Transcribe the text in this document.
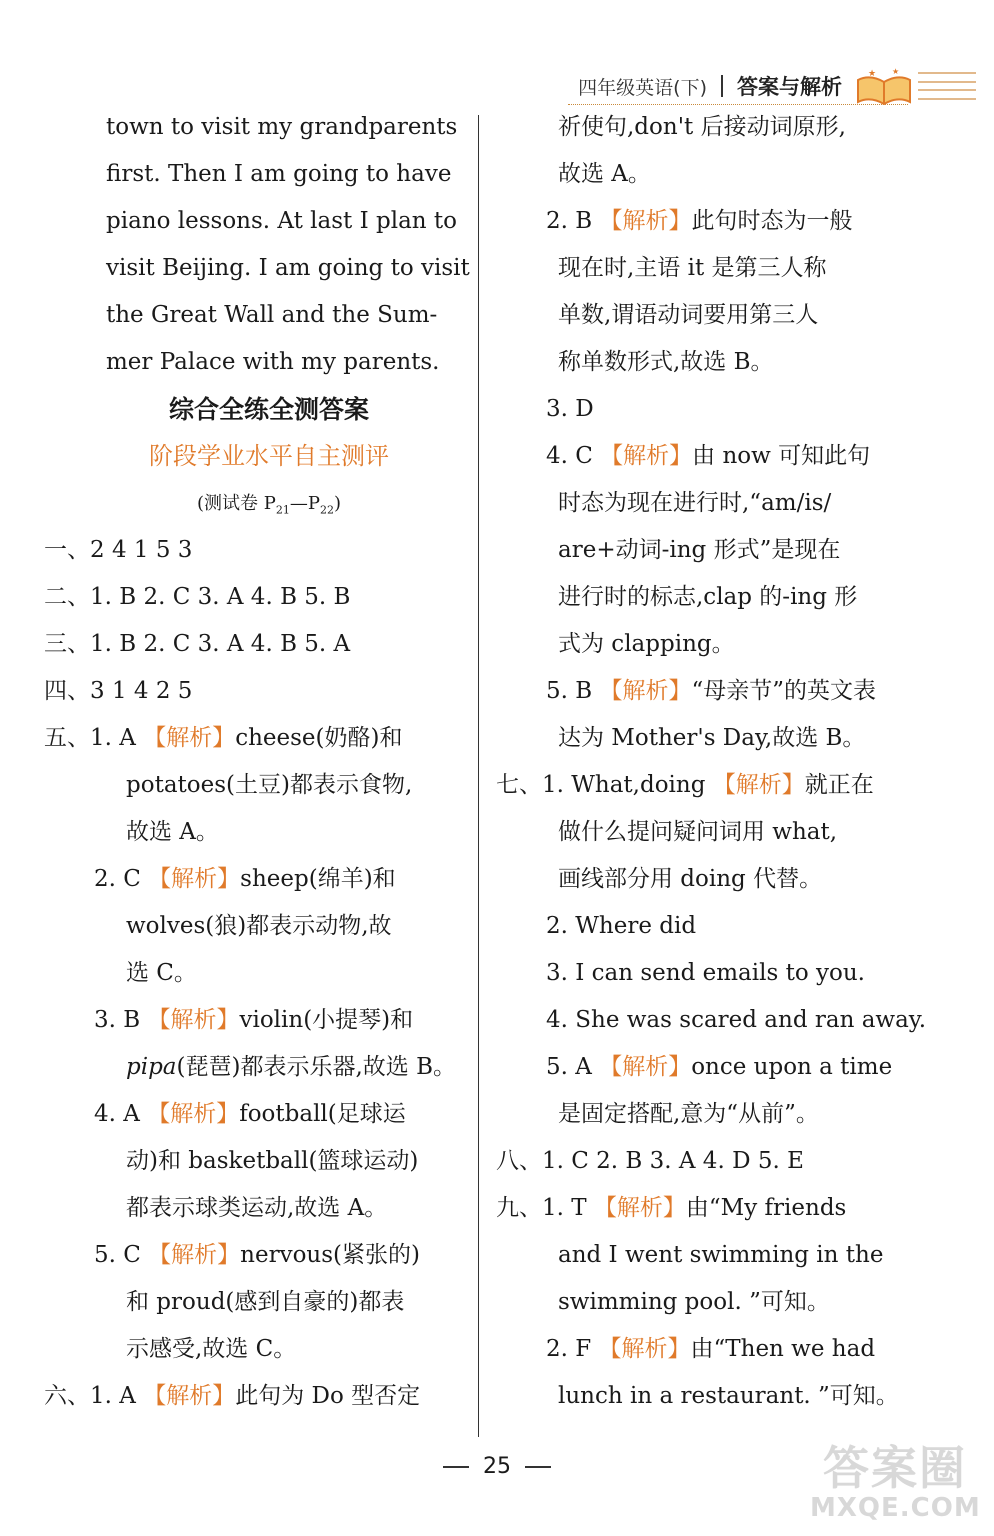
四年级英语(下) 答案与解析
★ ★
town to visit my grandparents
first. Then I am going to have
piano lessons. At last I plan to
visit Beijing. I am going to visit
the Great Wall and the Sum-
mer Palace with my parents.
综合全练全测答案
阶段学业水平自主测评
(测试卷 $P_{21}—P_{22}$)
一、2 4 1 5 3
二、1. B 2. C 3. A 4. B 5. B
三、1. B 2. C 3. A 4. B 5. A
四、3 1 4 2 5
五、1. A 【解析】cheese(奶酪)和
potatoes(土豆)都表示食物,
故选 A。
2. C 【解析】sheep(绵羊)和
wolves(狼)都表示动物,故
选 C。
3. B 【解析】violin(小提琴)和
pipa(琵琶)都表示乐器,故选 B。
4. A 【解析】football(足球运
动)和 basketball(篮球运动)
都表示球类运动,故选 A。
5. C 【解析】nervous(紧张的)
和 proud(感到自豪的)都表
示感受,故选 C。
六、1. A 【解析】此句为 Do 型否定
祈使句,don't 后接动词原形,
故选 A。
2. B 【解析】此句时态为一般
现在时,主语 it 是第三人称
单数,谓语动词要用第三人
称单数形式,故选 B。
3. D
4. C 【解析】由 now 可知此句
时态为现在进行时,“am/is/
are+动词-ing 形式”是现在
进行时的标志,clap 的-ing 形
式为 clapping。
5. B 【解析】“母亲节”的英文表
达为 Mother's Day,故选 B。
七、1. What,doing 【解析】就正在
做什么提问疑问词用 what,
画线部分用 doing 代替。
2. Where did
3. I can send emails to you.
4. She was scared and ran away.
5. A 【解析】once upon a time
是固定搭配,意为“从前”。
八、1. C 2. B 3. A 4. D 5. E
九、1. T 【解析】由“My friends
and I went swimming in the
swimming pool. ”可知。
2. F 【解析】由“Then we had
lunch in a restaurant. ”可知。
25	答案圈
MXQE.COM
